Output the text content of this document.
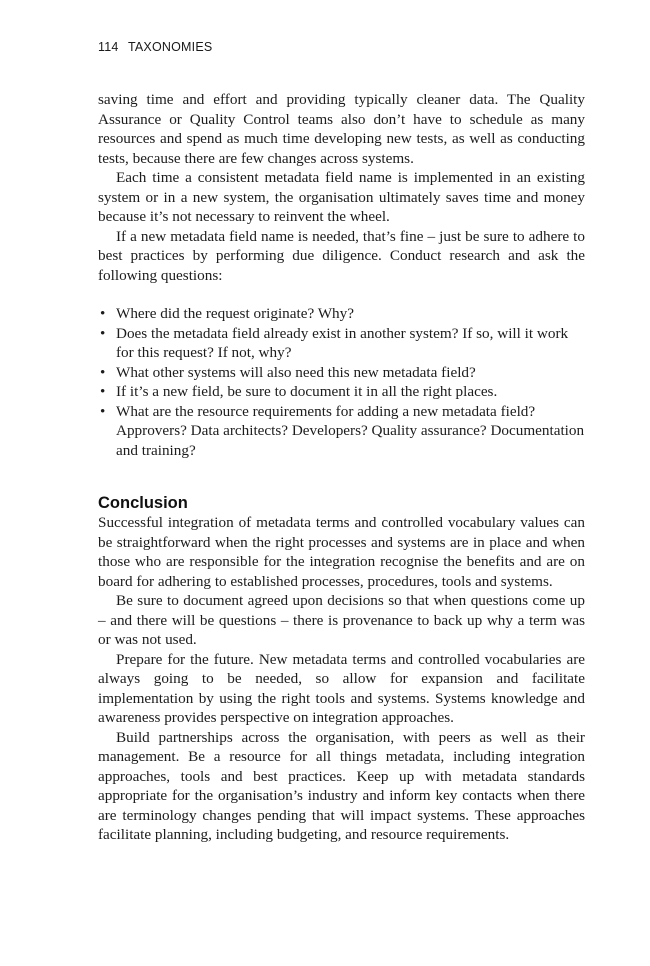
114 TAXONOMIES

saving time and effort and providing typically cleaner data. The Quality Assurance or Quality Control teams also don’t have to schedule as many resources and spend as much time developing new tests, as well as conducting tests, because there are few changes across systems.

Each time a consistent metadata field name is implemented in an existing system or in a new system, the organisation ultimately saves time and money because it’s not necessary to reinvent the wheel.

If a new metadata field name is needed, that’s fine – just be sure to adhere to best practices by performing due diligence. Conduct research and ask the following questions:

• Where did the request originate? Why?
• Does the metadata field already exist in another system? If so, will it work for this request? If not, why?
• What other systems will also need this new metadata field?
• If it’s a new field, be sure to document it in all the right places.
• What are the resource requirements for adding a new metadata field? Approvers? Data architects? Developers? Quality assurance? Documentation and training?
Conclusion

Successful integration of metadata terms and controlled vocabulary values can be straightforward when the right processes and systems are in place and when those who are responsible for the integration recognise the benefits and are on board for adhering to established processes, procedures, tools and systems.

Be sure to document agreed upon decisions so that when questions come up – and there will be questions – there is provenance to back up why a term was or was not used.

Prepare for the future. New metadata terms and controlled vocabularies are always going to be needed, so allow for expansion and facilitate implementation by using the right tools and systems. Systems knowledge and awareness provides perspective on integration approaches.

Build partnerships across the organisation, with peers as well as their management. Be a resource for all things metadata, including integration approaches, tools and best practices. Keep up with metadata standards appropriate for the organisation’s industry and inform key contacts when there are terminology changes pending that will impact systems. These approaches facilitate planning, including budgeting, and resource requirements.
